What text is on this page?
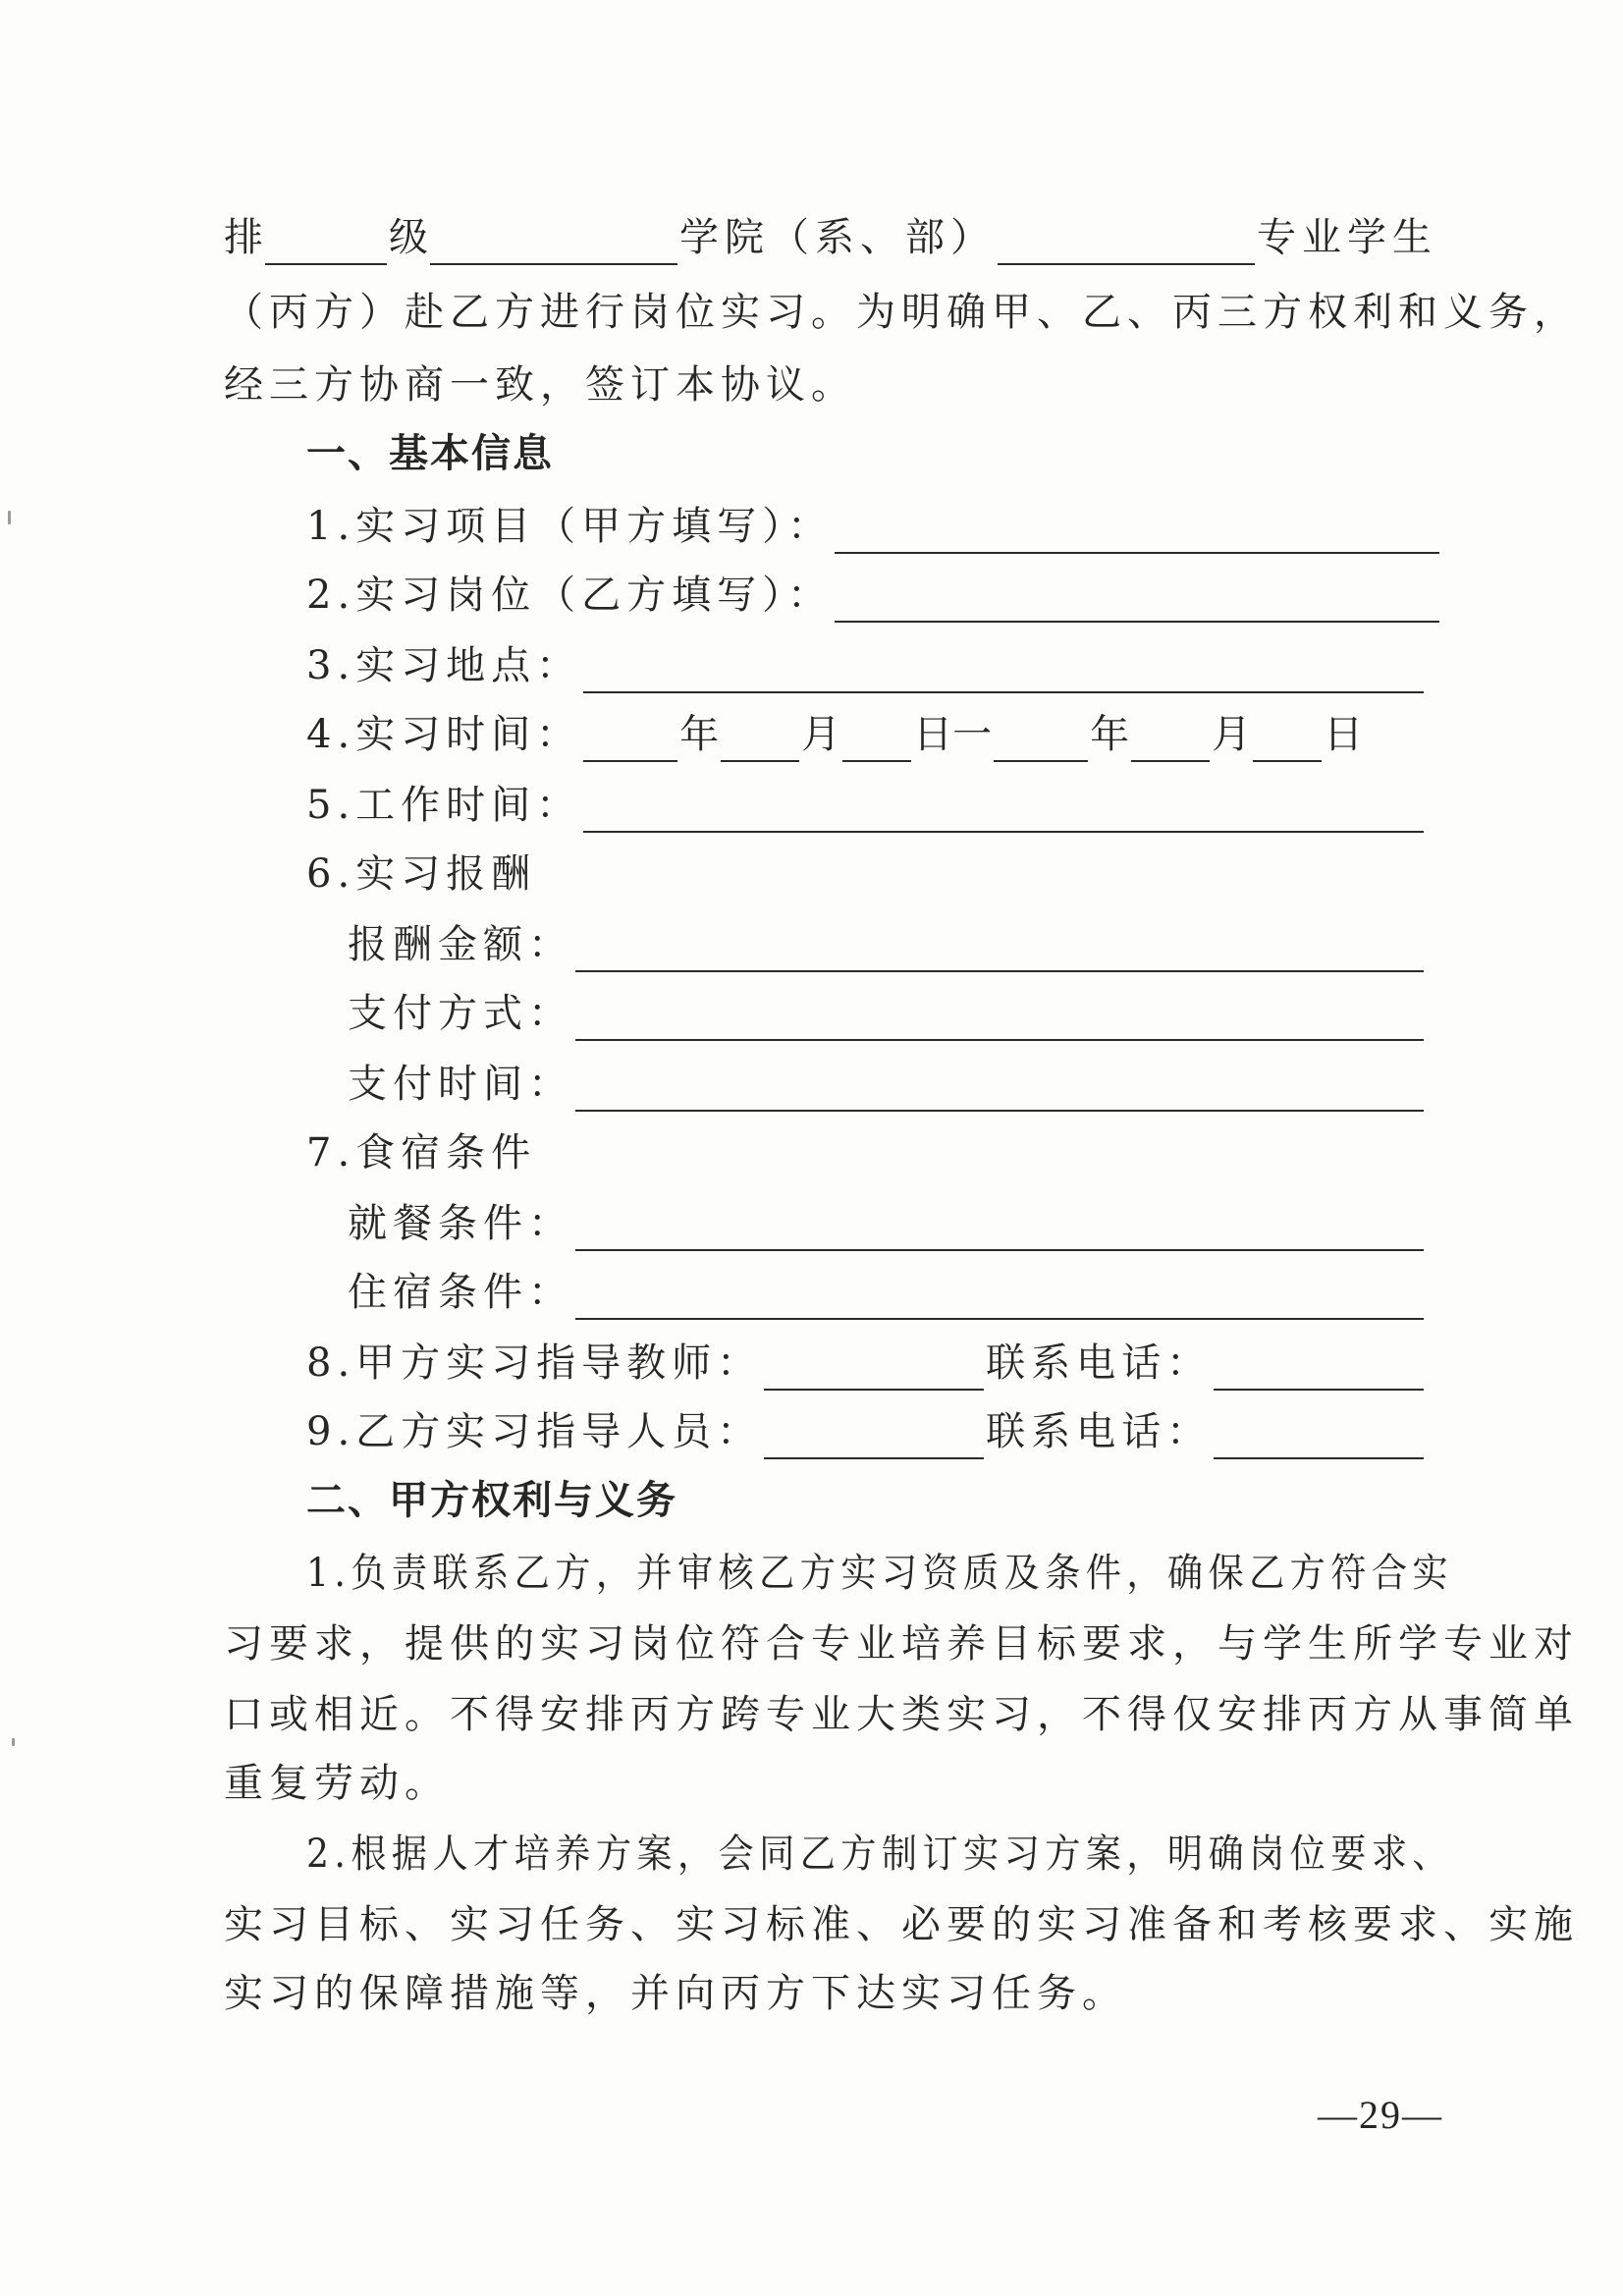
排	级	学院（系、部）	专业学生
（丙方）赴乙方进行岗位实习。为明确甲、乙、丙三方权利和义务，
经三方协商一致，签订本协议。
一、基本信息
1.实习项目（甲方填写）：
2.实习岗位（乙方填写）：
3.实习地点：
4.实习时间：	年 月 日一	年 月 日
5.工作时间：
6.实习报酬
报酬金额：
支付方式：
支付时间：
7.食宿条件
就餐条件：
住宿条件：
8.甲方实习指导教师：	联系电话：
9.乙方实习指导人员：	联系电话：
二、甲方权利与义务
1.负责联系乙方，并审核乙方实习资质及条件，确保乙方符合实
习要求，提供的实习岗位符合专业培养目标要求，与学生所学专业对
口或相近。不得安排丙方跨专业大类实习，不得仅安排丙方从事简单
重复劳动。
2.根据人才培养方案，会同乙方制订实习方案，明确岗位要求、
实习目标、实习任务、实习标准、必要的实习准备和考核要求、实施
实习的保障措施等，并向丙方下达实习任务。
—29—
